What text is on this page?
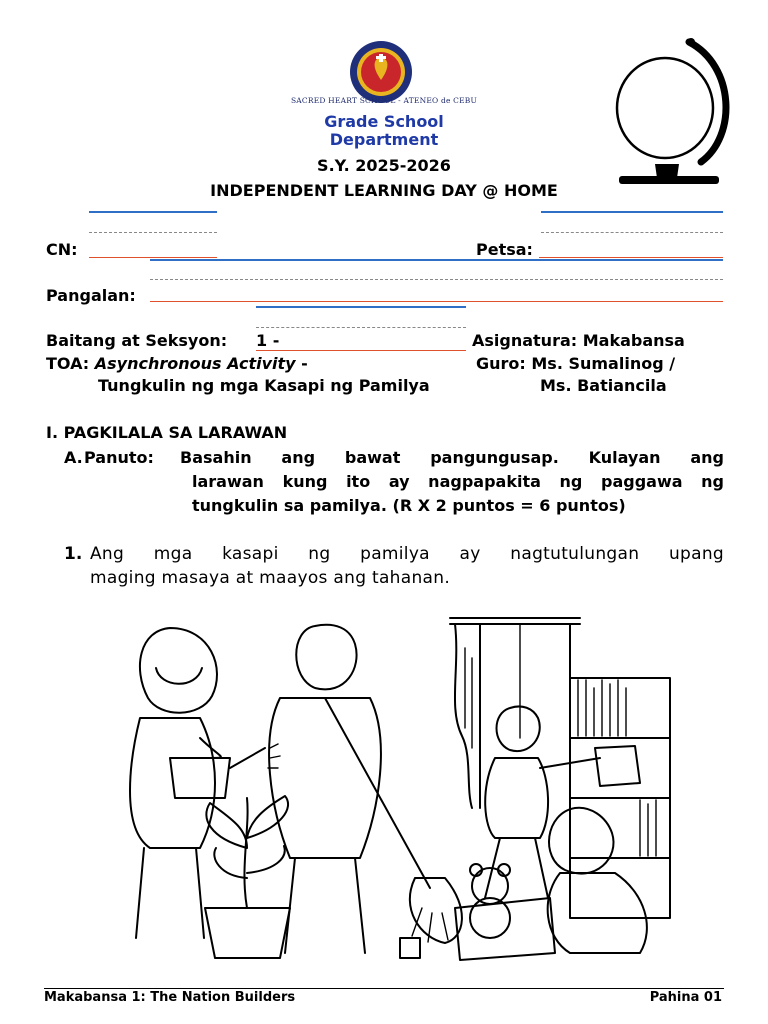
SACRED HEART SCHOOL - ATENEO de CEBU
Grade School
Department
S.Y. 2025-2026
INDEPENDENT LEARNING DAY @ HOME
CN:	Petsa:
Pangalan:
Baitang at Seksyon: 1 -	Asignatura: Makabansa
TOA: Asynchronous Activity -
Tungkulin ng mga Kasapi ng Pamilya
Guro: Ms. Sumalinog /
Ms. Batiancila
I. PAGKILALA SA LARAWAN
A. Panuto:	Basahin ang bawat pangungusap. Kulayan ang
larawan kung ito ay nagpapakita ng paggawa ng
tungkulin sa pamilya. (R X 2 puntos = 6 puntos)
1. Ang mga kasapi ng pamilya ay nagtutulungan upang
maging masaya at maayos ang tahanan.
Makabansa 1: The Nation Builders	Pahina 01
